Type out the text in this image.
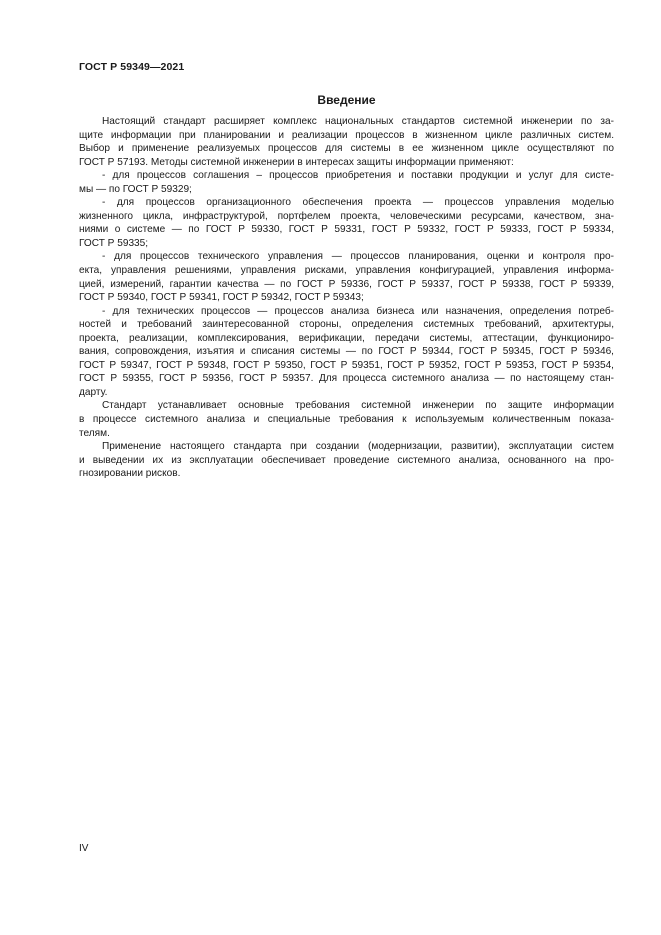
ГОСТ Р 59349—2021
Введение
Настоящий стандарт расширяет комплекс национальных стандартов системной инженерии по за-
щите информации при планировании и реализации процессов в жизненном цикле различных систем.
Выбор и применение реализуемых процессов для системы в ее жизненном цикле осуществляют по
ГОСТ Р 57193. Методы системной инженерии в интересах защиты информации применяют:
- для процессов соглашения – процессов приобретения и поставки продукции и услуг для систе-
мы — по ГОСТ Р 59329;
- для процессов организационного обеспечения проекта — процессов управления моделью
жизненного цикла, инфраструктурой, портфелем проекта, человеческими ресурсами, качеством, зна-
ниями о системе — по ГОСТ Р 59330, ГОСТ Р 59331, ГОСТ Р 59332, ГОСТ Р 59333, ГОСТ Р 59334,
ГОСТ Р 59335;
- для процессов технического управления — процессов планирования, оценки и контроля про-
екта, управления решениями, управления рисками, управления конфигурацией, управления информа-
цией, измерений, гарантии качества — по ГОСТ Р 59336, ГОСТ Р 59337, ГОСТ Р 59338, ГОСТ Р 59339,
ГОСТ Р 59340, ГОСТ Р 59341, ГОСТ Р 59342, ГОСТ Р 59343;
- для технических процессов — процессов анализа бизнеса или назначения, определения потреб-
ностей и требований заинтересованной стороны, определения системных требований, архитектуры,
проекта, реализации, комплексирования, верификации, передачи системы, аттестации, функциониро-
вания, сопровождения, изъятия и списания системы — по ГОСТ Р 59344, ГОСТ Р 59345, ГОСТ Р 59346,
ГОСТ Р 59347, ГОСТ Р 59348, ГОСТ Р 59350, ГОСТ Р 59351, ГОСТ Р 59352, ГОСТ Р 59353, ГОСТ Р 59354,
ГОСТ Р 59355, ГОСТ Р 59356, ГОСТ Р 59357. Для процесса системного анализа — по настоящему стан-
дарту.
Стандарт устанавливает основные требования системной инженерии по защите информации
в процессе системного анализа и специальные требования к используемым количественным показа-
телям.
Применение настоящего стандарта при создании (модернизации, развитии), эксплуатации систем
и выведении их из эксплуатации обеспечивает проведение системного анализа, основанного на про-
гнозировании рисков.
IV
